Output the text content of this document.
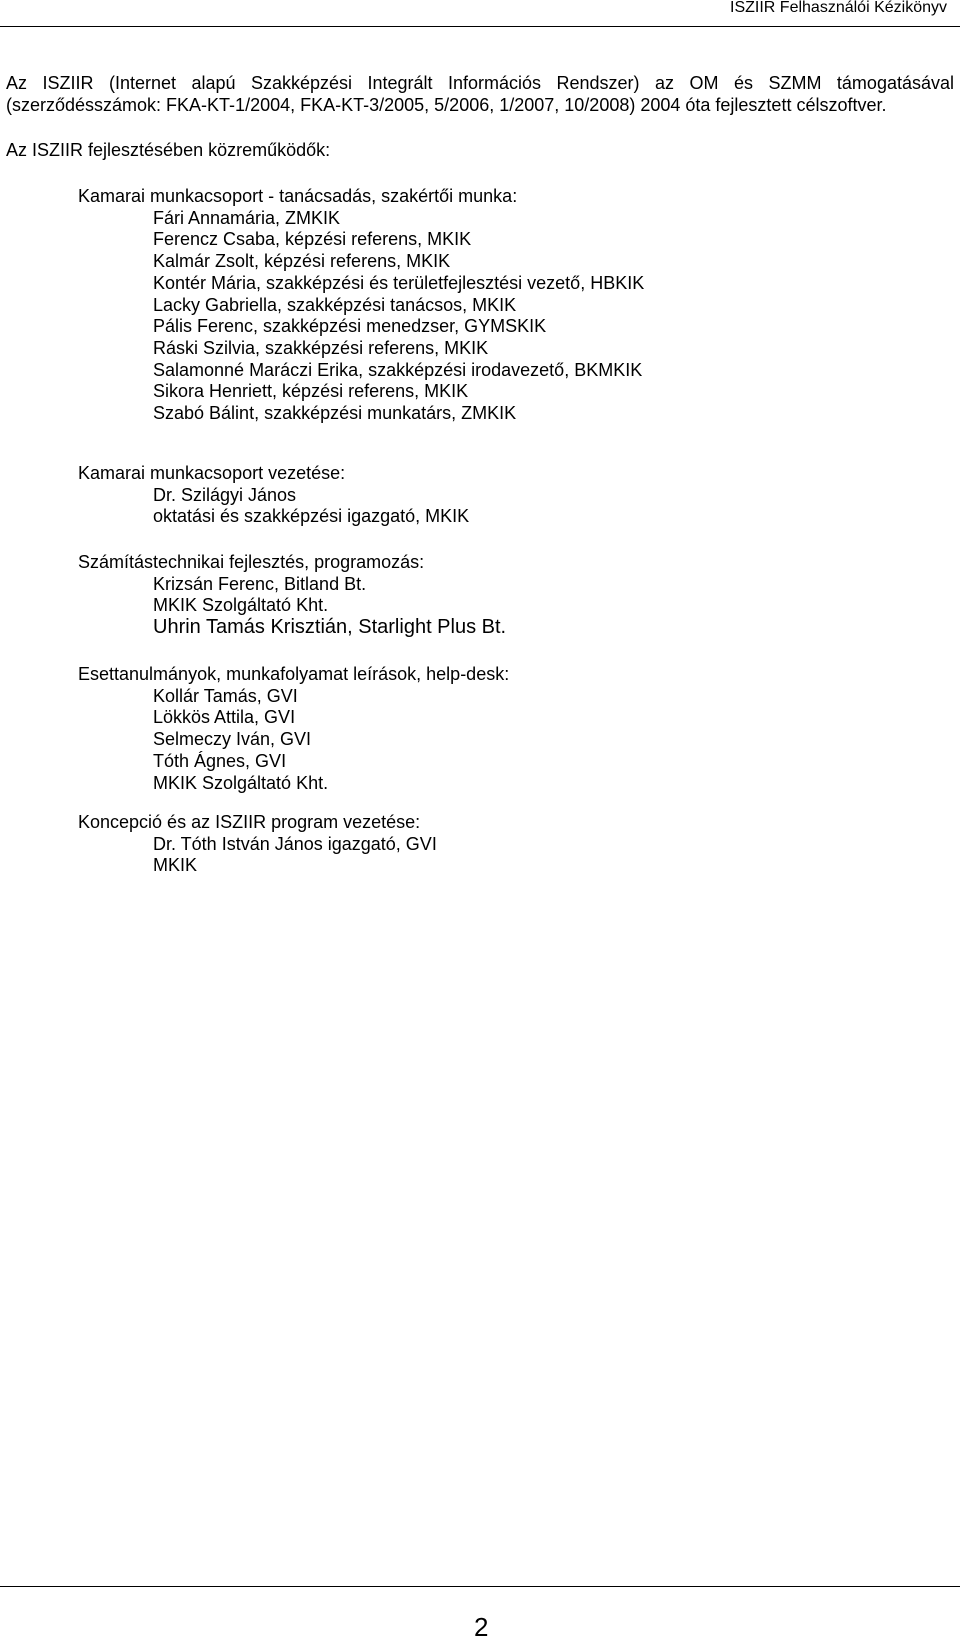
ISZIIR Felhasználói Kézikönyv
Az ISZIIR (Internet alapú Szakképzési Integrált Információs Rendszer) az OM és SZMM támogatásával
(szerződésszámok: FKA-KT-1/2004, FKA-KT-3/2005, 5/2006, 1/2007, 10/2008) 2004 óta fejlesztett célszoftver.
Az ISZIIR fejlesztésében közreműködők:
Kamarai munkacsoport - tanácsadás, szakértői munka:
Fári Annamária, ZMKIK
Ferencz Csaba, képzési referens, MKIK
Kalmár Zsolt, képzési referens, MKIK
Kontér Mária, szakképzési és területfejlesztési vezető, HBKIK
Lacky Gabriella, szakképzési tanácsos, MKIK
Pális Ferenc, szakképzési menedzser, GYMSKIK
Ráski Szilvia, szakképzési referens, MKIK
Salamonné Maráczi Erika, szakképzési irodavezető, BKMKIK
Sikora Henriett, képzési referens, MKIK
Szabó Bálint, szakképzési munkatárs, ZMKIK
Kamarai munkacsoport vezetése:
Dr. Szilágyi János
oktatási és szakképzési igazgató, MKIK
Számítástechnikai fejlesztés, programozás:
Krizsán Ferenc, Bitland Bt.
MKIK Szolgáltató Kht.
Uhrin Tamás Krisztián, Starlight Plus Bt.
Esettanulmányok, munkafolyamat leírások, help-desk:
Kollár Tamás, GVI
Lökkös Attila, GVI
Selmeczy Iván, GVI
Tóth Ágnes, GVI
MKIK Szolgáltató Kht.
Koncepció és az ISZIIR program vezetése:
Dr. Tóth István János igazgató, GVI
MKIK
2
